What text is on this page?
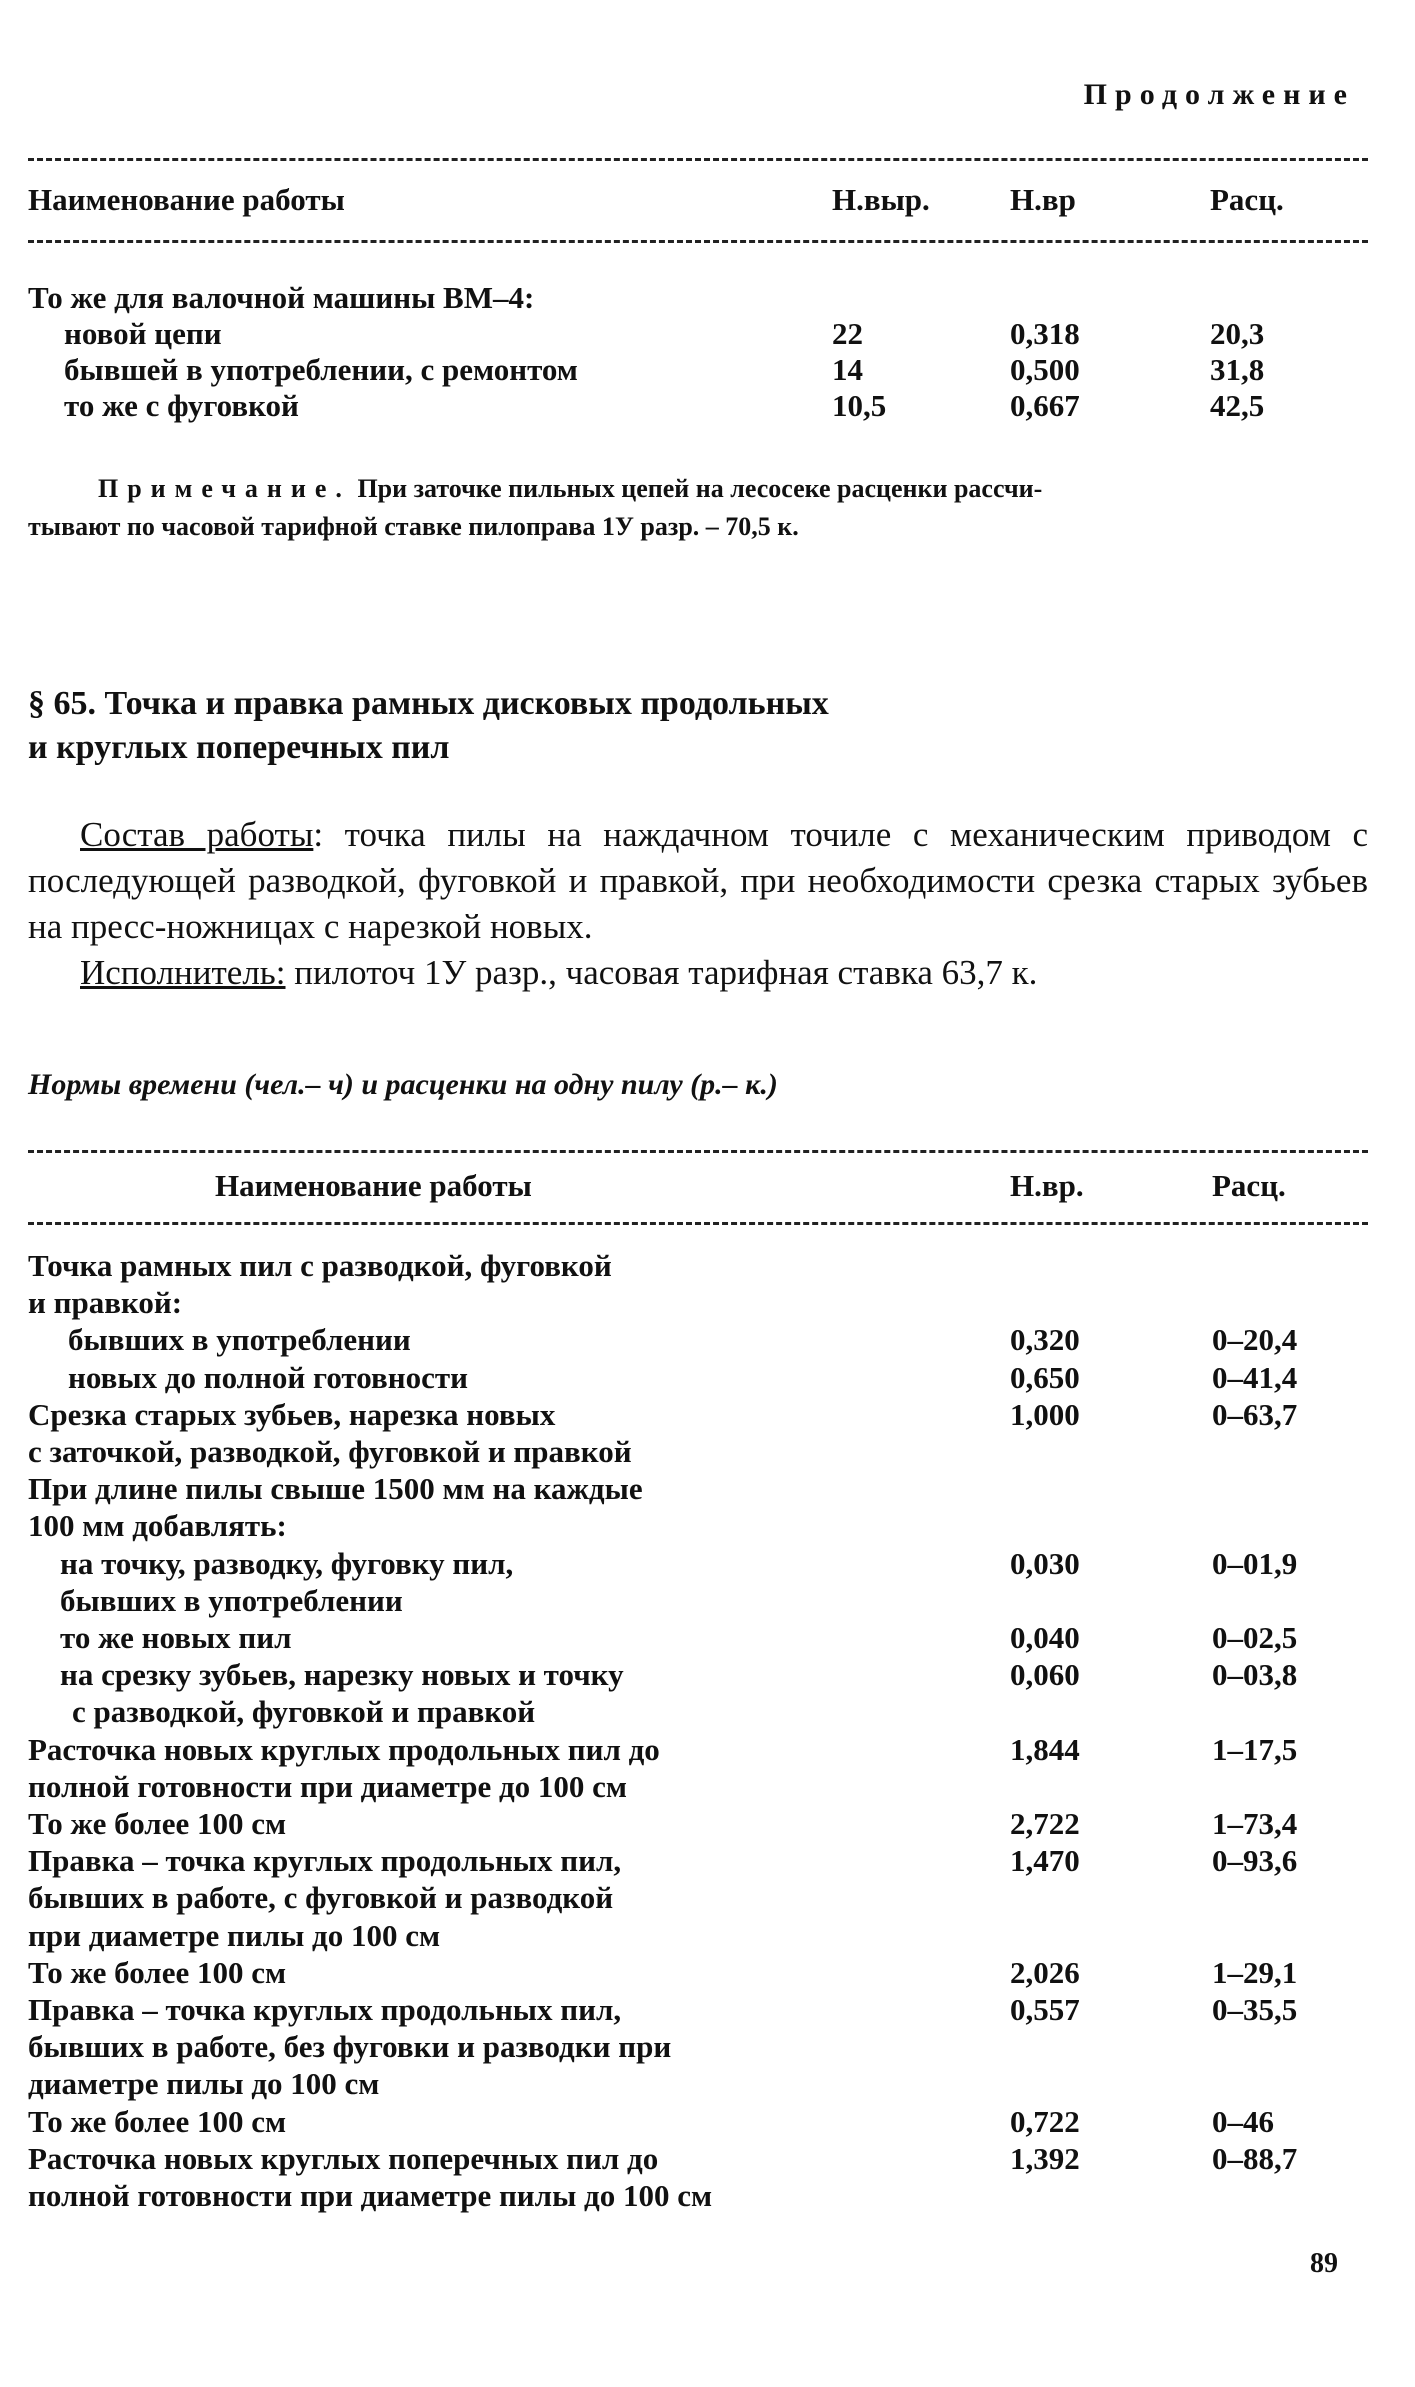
Продолжение
Наименование работы	Н.выр.	Н.вр	Расц.
То же для валочной машины ВМ–4:
новой цепи	22	0,318	20,3
бывшей в употреблении, с ремонтом	14	0,500	31,8
то же с фуговкой	10,5	0,667	42,5
Примечание. При заточке пильных цепей на лесосеке расценки рассчи-
тывают по часовой тарифной ставке пилоправа 1У разр. – 70,5 к.
§ 65. Точка и правка рамных дисковых продольных
и круглых поперечных пил
Состав работы: точка пилы на наждачном точиле с механическим приводом с последующей разводкой, фуговкой и правкой, при необходимости срезка старых зубьев на пресс-ножницах с нарезкой новых.
Исполнитель: пилоточ 1У разр., часовая тарифная ставка 63,7 к.
Нормы времени (чел.– ч) и расценки на одну пилу (р.– к.)
Наименование работы	Н.вр.	Расц.
Точка рамных пил с разводкой, фуговкой
и правкой:
бывших в употреблении	0,320	0–20,4
новых до полной готовности	0,650	0–41,4
Срезка старых зубьев, нарезка новых	1,000	0–63,7
с заточкой, разводкой, фуговкой и правкой
При длине пилы свыше 1500 мм на каждые
100 мм добавлять:
на точку, разводку, фуговку пил,	0,030	0–01,9
бывших в употреблении
то же новых пил	0,040	0–02,5
на срезку зубьев, нарезку новых и точку	0,060	0–03,8
с разводкой, фуговкой и правкой
Расточка новых круглых продольных пил до	1,844	1–17,5
полной готовности при диаметре до 100 см
То же более 100 см	2,722	1–73,4
Правка – точка круглых продольных пил,	1,470	0–93,6
бывших в работе, с фуговкой и разводкой
при диаметре пилы до 100 см
То же более 100 см	2,026	1–29,1
Правка – точка круглых продольных пил,	0,557	0–35,5
бывших в работе, без фуговки и разводки при
диаметре пилы до 100 см
То же более 100 см	0,722	0–46
Расточка новых круглых поперечных пил до	1,392	0–88,7
полной готовности при диаметре пилы до 100 см
89
